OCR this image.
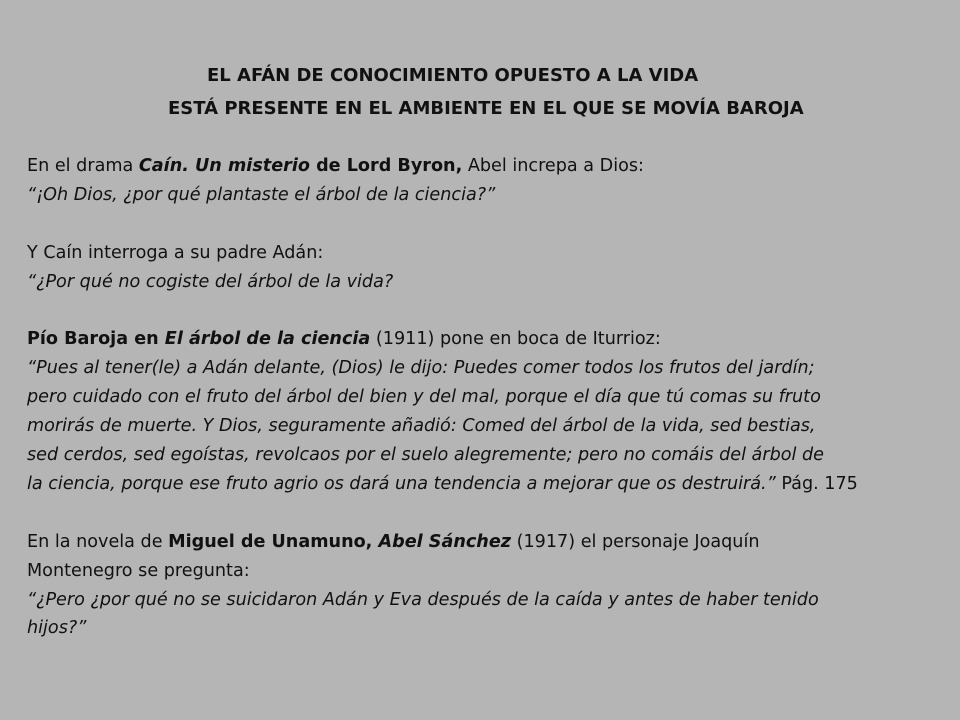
EL AFÁN DE CONOCIMIENTO OPUESTO A LA VIDA
ESTÁ PRESENTE EN EL AMBIENTE EN EL QUE SE MOVÍA BAROJA

En el drama Caín. Un misterio de Lord Byron, Abel increpa a Dios:

“¡Oh Dios, ¿por qué plantaste el árbol de la ciencia?”

Y Caín interroga a su padre Adán:

“¿Por qué no cogiste del árbol de la vida?

Pío Baroja en El árbol de la ciencia (1911) pone en boca de Iturrioz:

“Pues al tener(le) a Adán delante, (Dios) le dijo: Puedes comer todos los frutos del jardín;

pero cuidado con el fruto del árbol del bien y del mal, porque el día que tú comas su fruto

morirás de muerte. Y Dios, seguramente añadió: Comed del árbol de la vida, sed bestias,

sed cerdos, sed egoístas, revolcaos por el suelo alegremente; pero no comáis del árbol de

la ciencia, porque ese fruto agrio os dará una tendencia a mejorar que os destruirá.” Pág. 175

En la novela de Miguel de Unamuno, Abel Sánchez (1917) el personaje Joaquín

Montenegro se pregunta:

“¿Pero ¿por qué no se suicidaron Adán y Eva después de la caída y antes de haber tenido

hijos?”
